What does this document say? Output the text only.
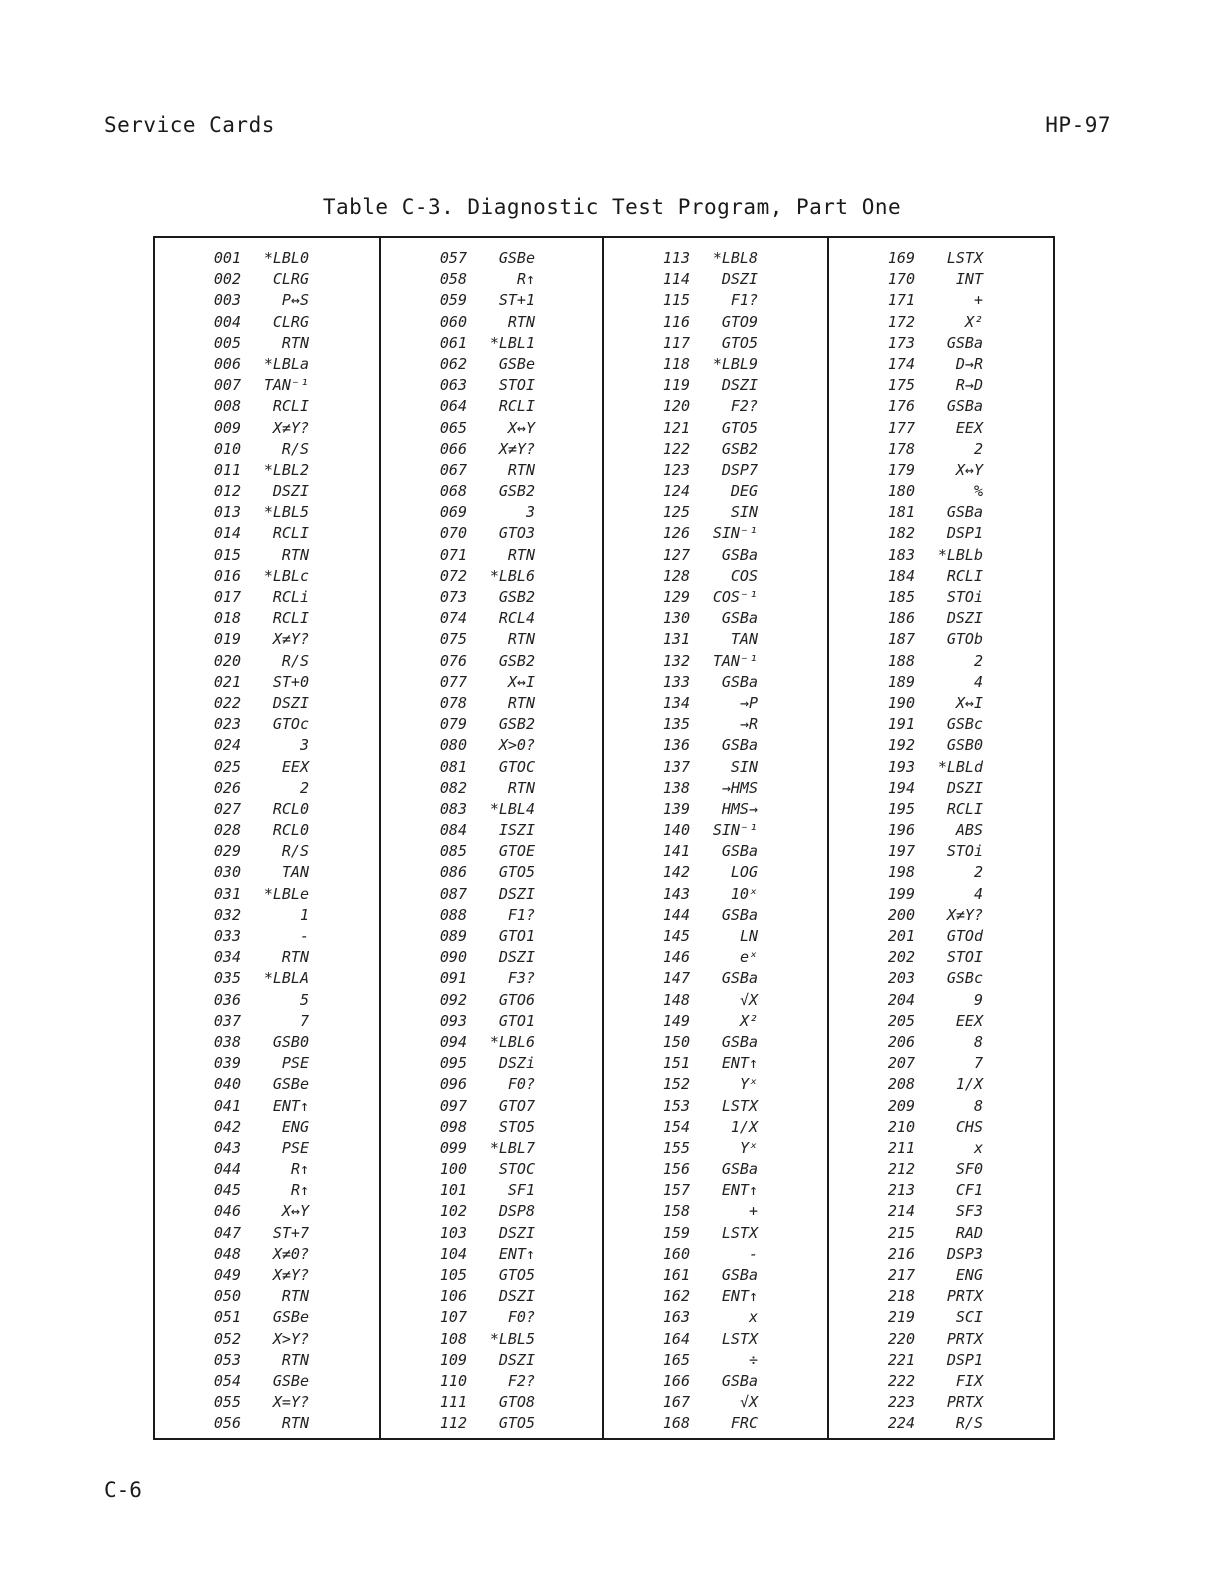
Service Cards	HP-97
Table C-3. Diagnostic Test Program, Part One
001	*LBL0
002	CLRG
003	P↔S
004	CLRG
005	RTN
006	*LBLa
007	TAN⁻¹
008	RCLI
009	X≠Y?
010	R/S
011	*LBL2
012	DSZI
013	*LBL5
014	RCLI
015	RTN
016	*LBLc
017	RCLi
018	RCLI
019	X≠Y?
020	R/S
021	ST+0
022	DSZI
023	GTOc
024	3
025	EEX
026	2
027	RCL0
028	RCL0
029	R/S
030	TAN
031	*LBLe
032	1
033	-
034	RTN
035	*LBLA
036	5
037	7
038	GSB0
039	PSE
040	GSBe
041	ENT↑
042	ENG
043	PSE
044	R↑
045	R↑
046	X↔Y
047	ST+7
048	X≠0?
049	X≠Y?
050	RTN
051	GSBe
052	X>Y?
053	RTN
054	GSBe
055	X=Y?
056	RTN
057	GSBe
058	R↑
059	ST+1
060	RTN
061	*LBL1
062	GSBe
063	STOI
064	RCLI
065	X↔Y
066	X≠Y?
067	RTN
068	GSB2
069	3
070	GTO3
071	RTN
072	*LBL6
073	GSB2
074	RCL4
075	RTN
076	GSB2
077	X↔I
078	RTN
079	GSB2
080	X>0?
081	GTOC
082	RTN
083	*LBL4
084	ISZI
085	GTOE
086	GTO5
087	DSZI
088	F1?
089	GTO1
090	DSZI
091	F3?
092	GTO6
093	GTO1
094	*LBL6
095	DSZi
096	F0?
097	GTO7
098	STO5
099	*LBL7
100	STOC
101	SF1
102	DSP8
103	DSZI
104	ENT↑
105	GTO5
106	DSZI
107	F0?
108	*LBL5
109	DSZI
110	F2?
111	GTO8
112	GTO5
113	*LBL8
114	DSZI
115	F1?
116	GTO9
117	GTO5
118	*LBL9
119	DSZI
120	F2?
121	GTO5
122	GSB2
123	DSP7
124	DEG
125	SIN
126	SIN⁻¹
127	GSBa
128	COS
129	COS⁻¹
130	GSBa
131	TAN
132	TAN⁻¹
133	GSBa
134	→P
135	→R
136	GSBa
137	SIN
138	→HMS
139	HMS→
140	SIN⁻¹
141	GSBa
142	LOG
143	10ˣ
144	GSBa
145	LN
146	eˣ
147	GSBa
148	√X
149	X²
150	GSBa
151	ENT↑
152	Yˣ
153	LSTX
154	1/X
155	Yˣ
156	GSBa
157	ENT↑
158	+
159	LSTX
160	-
161	GSBa
162	ENT↑
163	x
164	LSTX
165	÷
166	GSBa
167	√X
168	FRC
169	LSTX
170	INT
171	+
172	X²
173	GSBa
174	D→R
175	R→D
176	GSBa
177	EEX
178	2
179	X↔Y
180	%
181	GSBa
182	DSP1
183	*LBLb
184	RCLI
185	STOi
186	DSZI
187	GTOb
188	2
189	4
190	X↔I
191	GSBc
192	GSB0
193	*LBLd
194	DSZI
195	RCLI
196	ABS
197	STOi
198	2
199	4
200	X≠Y?
201	GTOd
202	STOI
203	GSBc
204	9
205	EEX
206	8
207	7
208	1/X
209	8
210	CHS
211	x
212	SF0
213	CF1
214	SF3
215	RAD
216	DSP3
217	ENG
218	PRTX
219	SCI
220	PRTX
221	DSP1
222	FIX
223	PRTX
224	R/S
C-6
